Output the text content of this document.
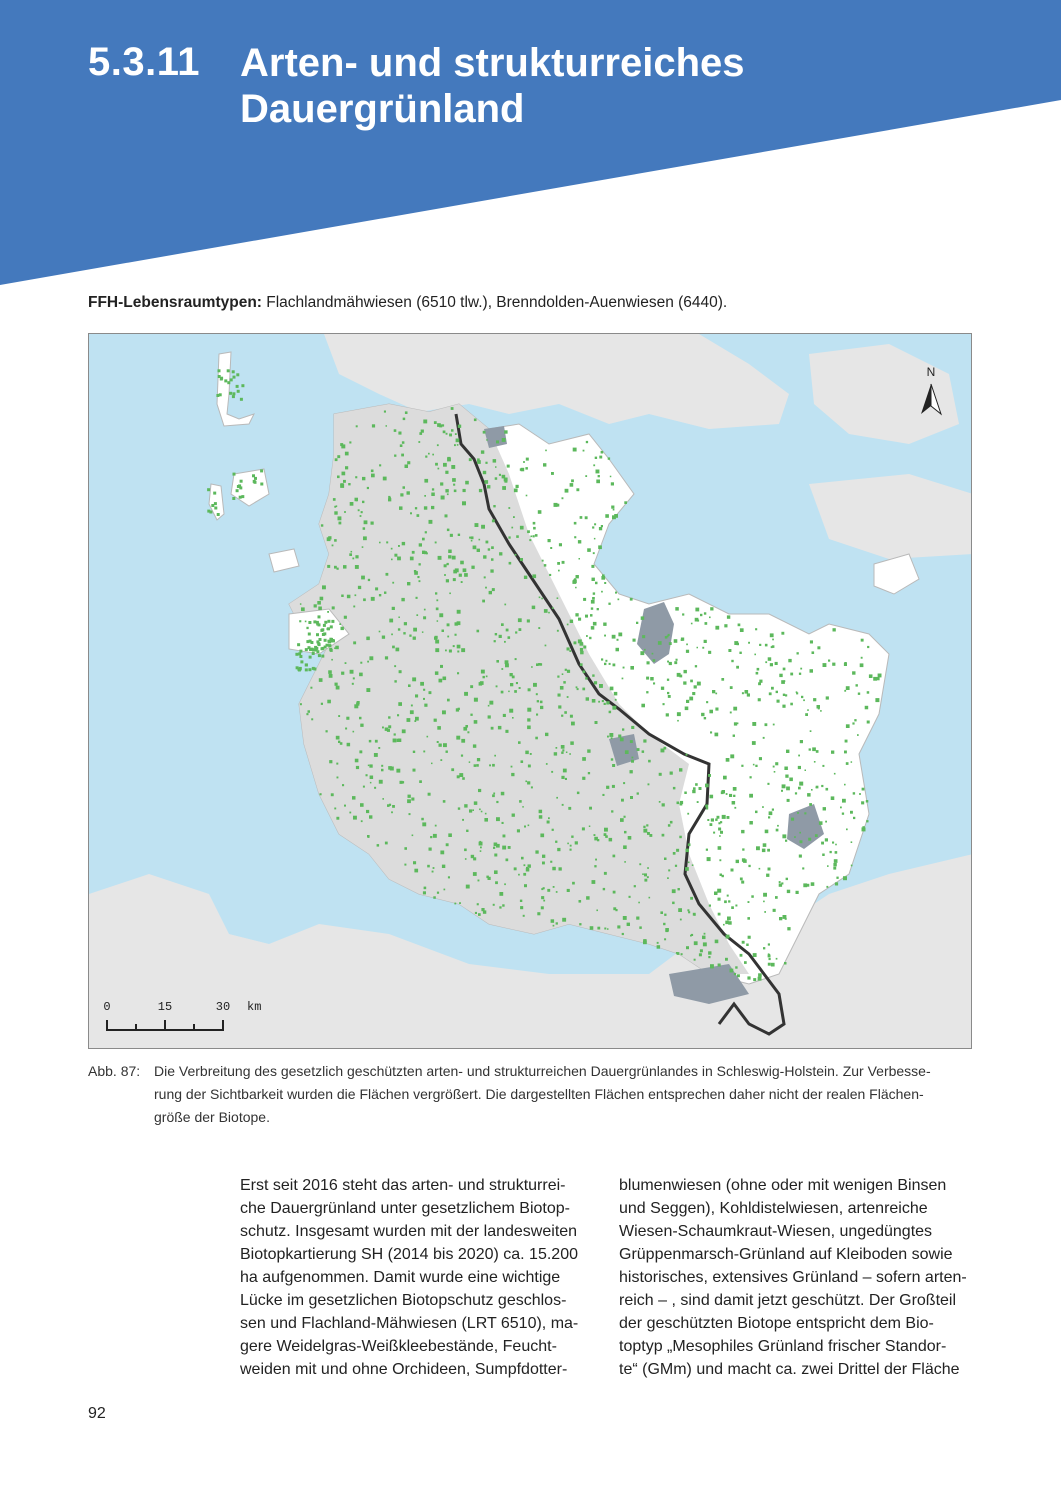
5.3.11 Arten- und strukturreiches
Dauergrünland
FFH-Lebensraumtypen: Flachlandmähwiesen (6510 tlw.), Brenndolden-Auenwiesen (6440).
N
0	15	30 km
Abb. 87: Die Verbreitung des gesetzlich geschützten arten- und strukturreichen Dauergrünlandes in Schleswig-Holstein. Zur Verbesse-
rung der Sichtbarkeit wurden die Flächen vergrößert. Die dargestellten Flächen entsprechen daher nicht der realen Flächen-
größe der Biotope.
Erst seit 2016 steht das arten- und strukturrei-
che Dauergrünland unter gesetzlichem Biotop-
schutz. Insgesamt wurden mit der landesweiten
Biotopkartierung SH (2014 bis 2020) ca. 15.200
ha aufgenommen. Damit wurde eine wichtige
Lücke im gesetzlichen Biotopschutz geschlos-
sen und Flachland-Mähwiesen (LRT 6510), ma-
gere Weidelgras-Weißkleebestände, Feucht-
weiden mit und ohne Orchideen, Sumpfdotter-
blumenwiesen (ohne oder mit wenigen Binsen
und Seggen), Kohldistelwiesen, artenreiche
Wiesen-Schaumkraut-Wiesen, ungedüngtes
Grüppenmarsch-Grünland auf Kleiboden sowie
historisches, extensives Grünland – sofern arten-
reich – , sind damit jetzt geschützt. Der Großteil
der geschützten Biotope entspricht dem Bio-
toptyp „Mesophiles Grünland frischer Standor-
te“ (GMm) und macht ca. zwei Drittel der Fläche
92
